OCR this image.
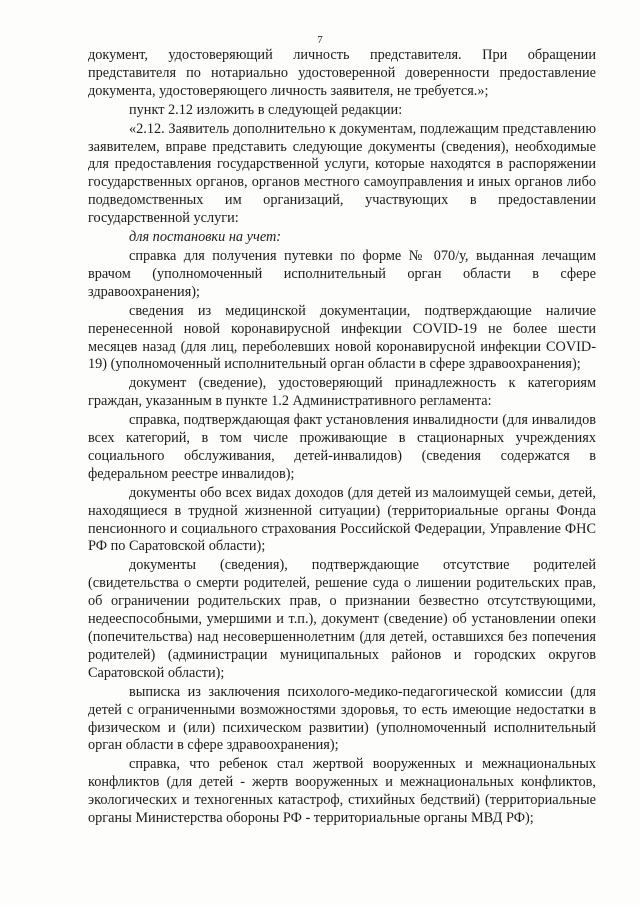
7

документ, удостоверяющий личность представителя. При обращении представителя по нотариально удостоверенной доверенности предоставление документа, удостоверяющего личность заявителя, не требуется.»;

пункт 2.12 изложить в следующей редакции:

«2.12. Заявитель дополнительно к документам, подлежащим представлению заявителем, вправе представить следующие документы (сведения), необходимые для предоставления государственной услуги, которые находятся в распоряжении государственных органов, органов местного самоуправления и иных органов либо подведомственных им организаций, участвующих в предоставлении государственной услуги:

для постановки на учет:

справка для получения путевки по форме № 070/у, выданная лечащим врачом (уполномоченный исполнительный орган области в сфере здравоохранения);

сведения из медицинской документации, подтверждающие наличие перенесенной новой коронавирусной инфекции COVID-19 не более шести месяцев назад (для лиц, переболевших новой коронавирусной инфекции COVID-19) (уполномоченный исполнительный орган области в сфере здравоохранения);

документ (сведение), удостоверяющий принадлежность к категориям граждан, указанным в пункте 1.2 Административного регламента:

справка, подтверждающая факт установления инвалидности (для инвалидов всех категорий, в том числе проживающие в стационарных учреждениях социального обслуживания, детей-инвалидов) (сведения содержатся в федеральном реестре инвалидов);

документы обо всех видах доходов (для детей из малоимущей семьи, детей, находящиеся в трудной жизненной ситуации) (территориальные органы Фонда пенсионного и социального страхования Российской Федерации, Управление ФНС РФ по Саратовской области);

документы (сведения), подтверждающие отсутствие родителей (свидетельства о смерти родителей, решение суда о лишении родительских прав, об ограничении родительских прав, о признании безвестно отсутствующими, недееспособными, умершими и т.п.), документ (сведение) об установлении опеки (попечительства) над несовершеннолетним (для детей, оставшихся без попечения родителей) (администрации муниципальных районов и городских округов Саратовской области);

выписка из заключения психолого-медико-педагогической комиссии (для детей с ограниченными возможностями здоровья, то есть имеющие недостатки в физическом и (или) психическом развитии) (уполномоченный исполнительный орган области в сфере здравоохранения);

справка, что ребенок стал жертвой вооруженных и межнациональных конфликтов (для детей - жертв вооруженных и межнациональных конфликтов, экологических и техногенных катастроф, стихийных бедствий) (территориальные органы Министерства обороны РФ - территориальные органы МВД РФ);
